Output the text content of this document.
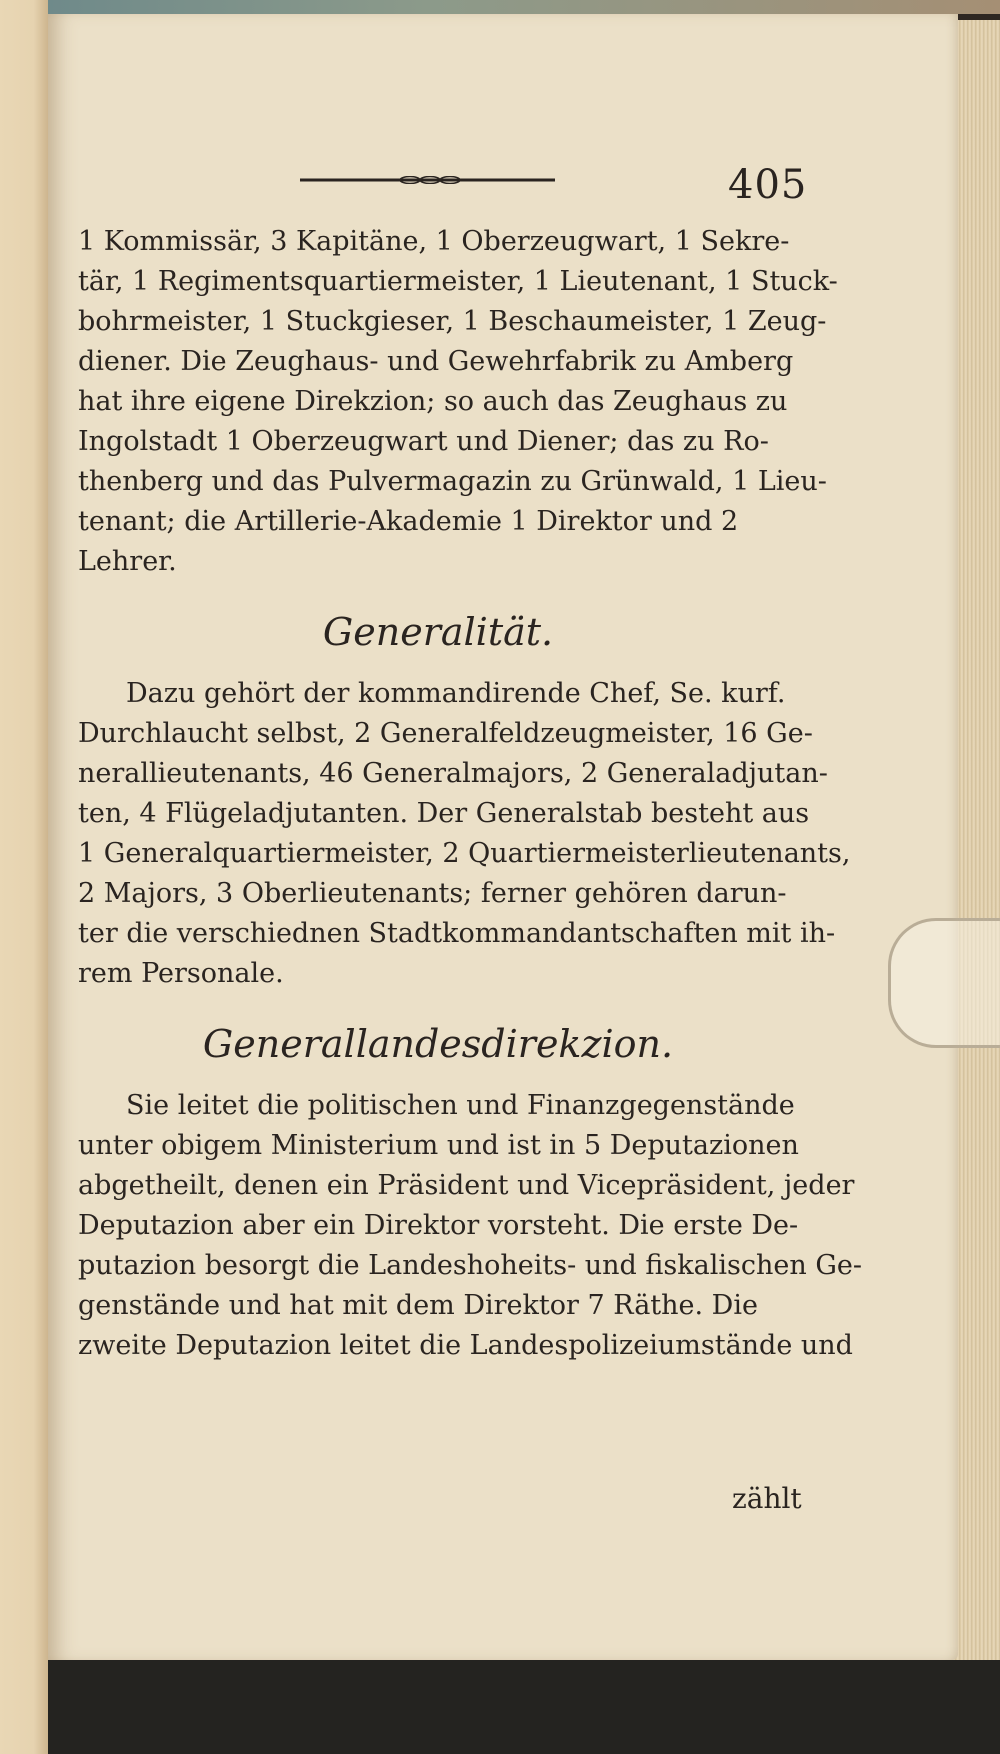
405
1 Kommissär, 3 Kapitäne, 1 Oberzeugwart, 1 Sekre-
tär, 1 Regimentsquartiermeister, 1 Lieutenant, 1 Stuck-
bohrmeister, 1 Stuckgieser, 1 Beschaumeister, 1 Zeug-
diener. Die Zeughaus- und Gewehrfabrik zu Amberg
hat ihre eigene Direkzion; so auch das Zeughaus zu
Ingolstadt 1 Oberzeugwart und Diener; das zu Ro-
thenberg und das Pulvermagazin zu Grünwald, 1 Lieu-
tenant; die Artillerie-Akademie 1 Direktor und 2
Lehrer.
Generalität.
Dazu gehört der kommandirende Chef, Se. kurf.
Durchlaucht selbst, 2 Generalfeldzeugmeister, 16 Ge-
nerallieutenants, 46 Generalmajors, 2 Generaladjutan-
ten, 4 Flügeladjutanten. Der Generalstab besteht aus
1 Generalquartiermeister, 2 Quartiermeisterlieutenants,
2 Majors, 3 Oberlieutenants; ferner gehören darun-
ter die verschiednen Stadtkommandantschaften mit ih-
rem Personale.
Generallandesdirekzion.
Sie leitet die politischen und Finanzgegenstände
unter obigem Ministerium und ist in 5 Deputazionen
abgetheilt, denen ein Präsident und Vicepräsident, jeder
Deputazion aber ein Direktor vorsteht. Die erste De-
putazion besorgt die Landeshoheits- und fiskalischen Ge-
genstände und hat mit dem Direktor 7 Räthe. Die
zweite Deputazion leitet die Landespolizeiumstände und
zählt
